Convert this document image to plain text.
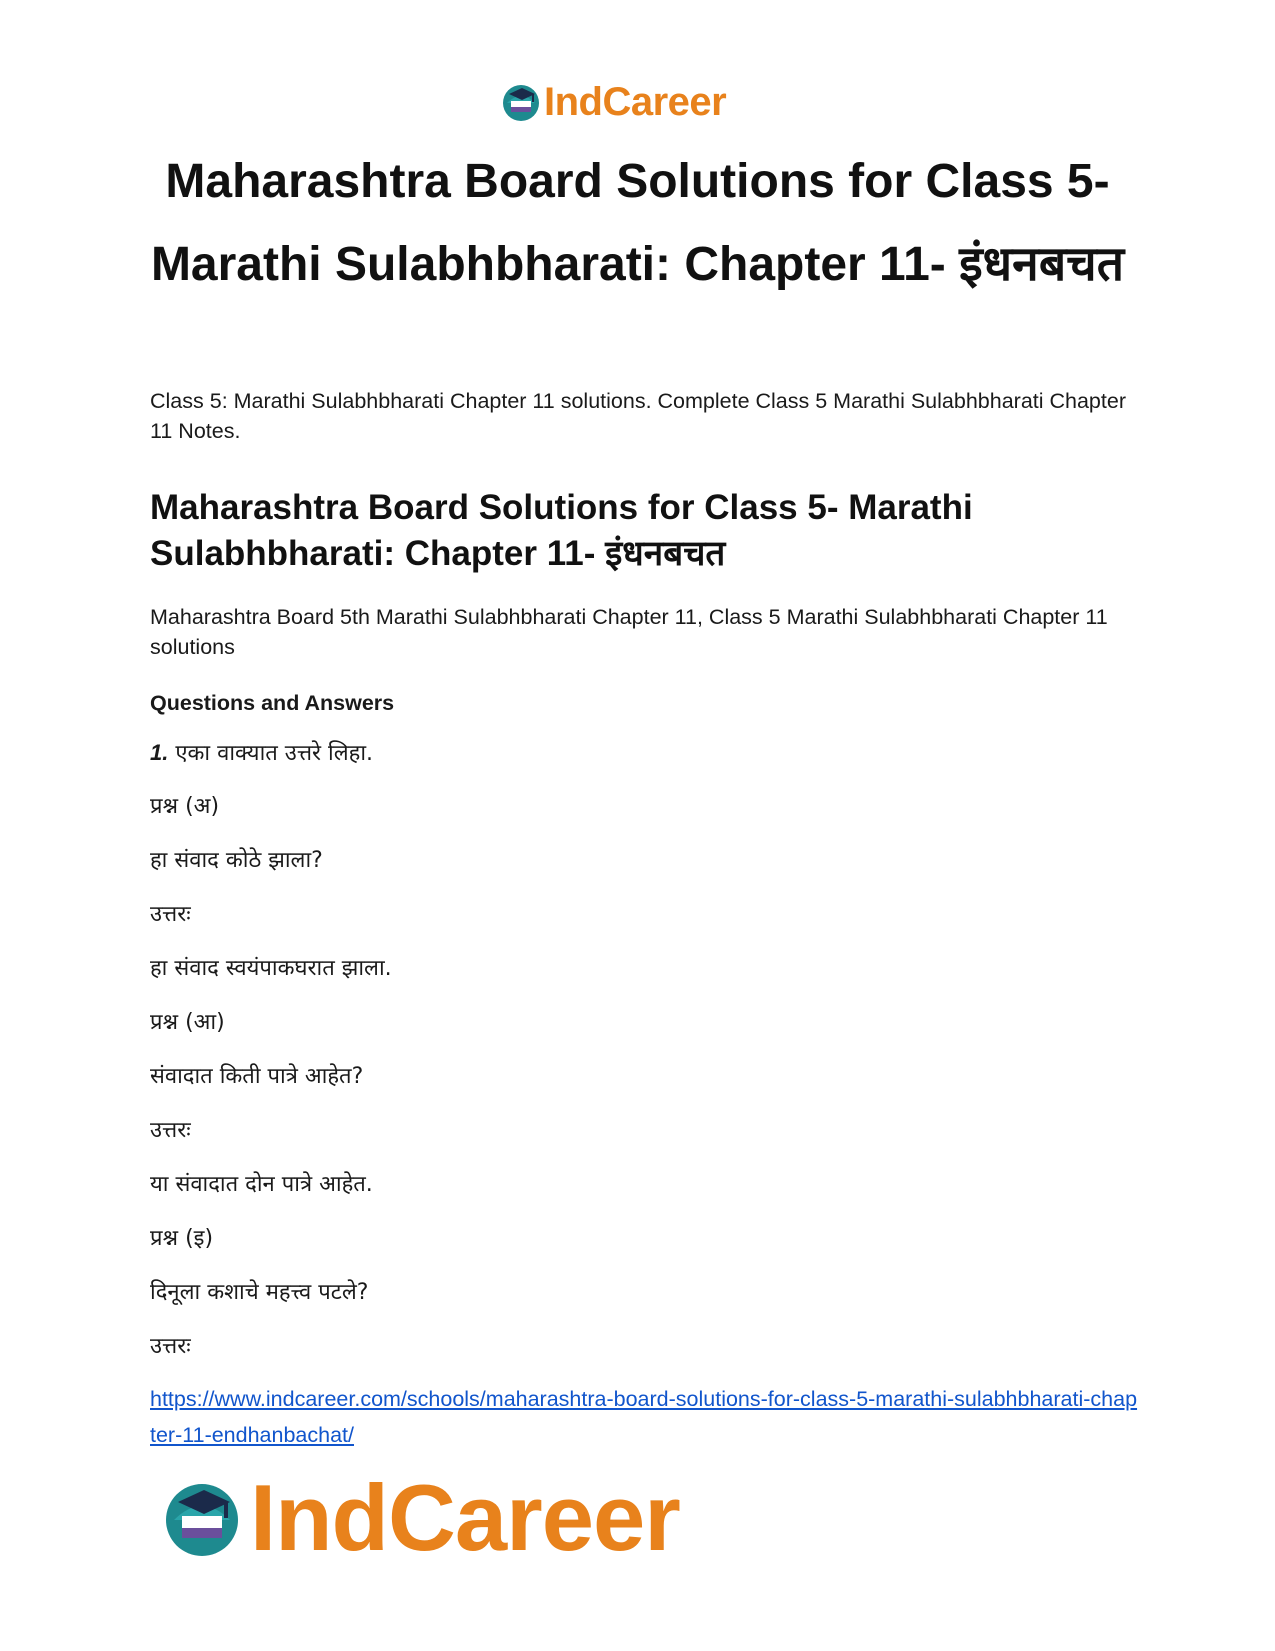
IndCareer
Maharashtra Board Solutions for Class 5- Marathi Sulabhbharati: Chapter 11- इंधनबचत

Class 5: Marathi Sulabhbharati Chapter 11 solutions. Complete Class 5 Marathi Sulabhbharati Chapter 11 Notes.

Maharashtra Board Solutions for Class 5- Marathi Sulabhbharati: Chapter 11- इंधनबचत

Maharashtra Board 5th Marathi Sulabhbharati Chapter 11, Class 5 Marathi Sulabhbharati Chapter 11 solutions

Questions and Answers

1. एका वाक्यात उत्तरे लिहा.

प्रश्न (अ)

हा संवाद कोठे झाला?

उत्तरः

हा संवाद स्वयंपाकघरात झाला.

प्रश्न (आ)

संवादात किती पात्रे आहेत?

उत्तरः

या संवादात दोन पात्रे आहेत.

प्रश्न (इ)

दिनूला कशाचे महत्त्व पटले?

उत्तरः

https://www.indcareer.com/schools/maharashtra-board-solutions-for-class-5-marathi-sulabhbharati-chapter-11-endhanbachat/
IndCareer
